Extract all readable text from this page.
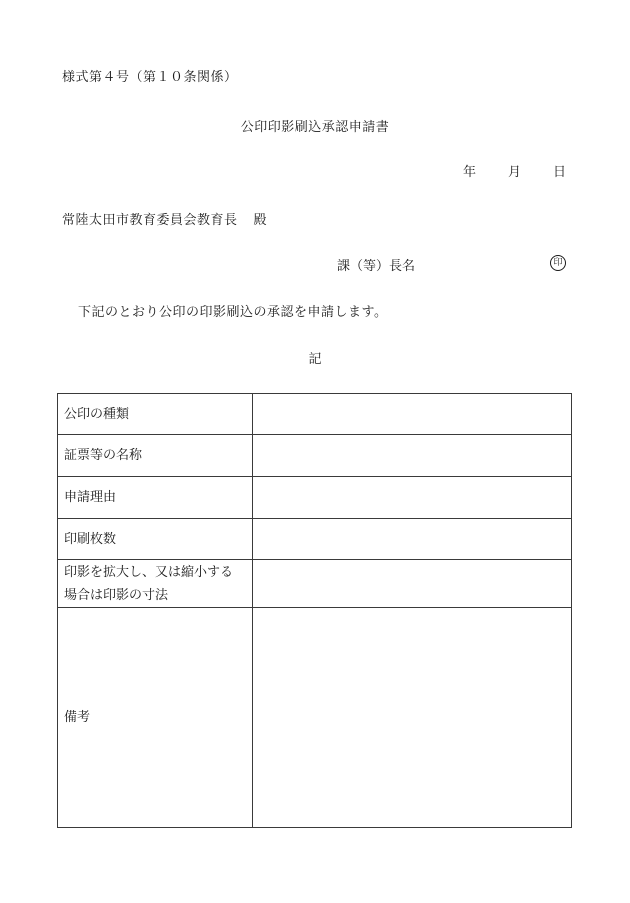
様式第４号（第１０条関係）
公印印影刷込承認申請書
年 月 日
常陸太田市教育委員会教育長 殿
課（等）長名	印
下記のとおり公印の印影刷込の承認を申請します。
記
公印の種類	

証票等の名称	

申請理由	

印刷枚数	

印影を拡大し、又は縮小する
場合は印影の寸法	

備考	
